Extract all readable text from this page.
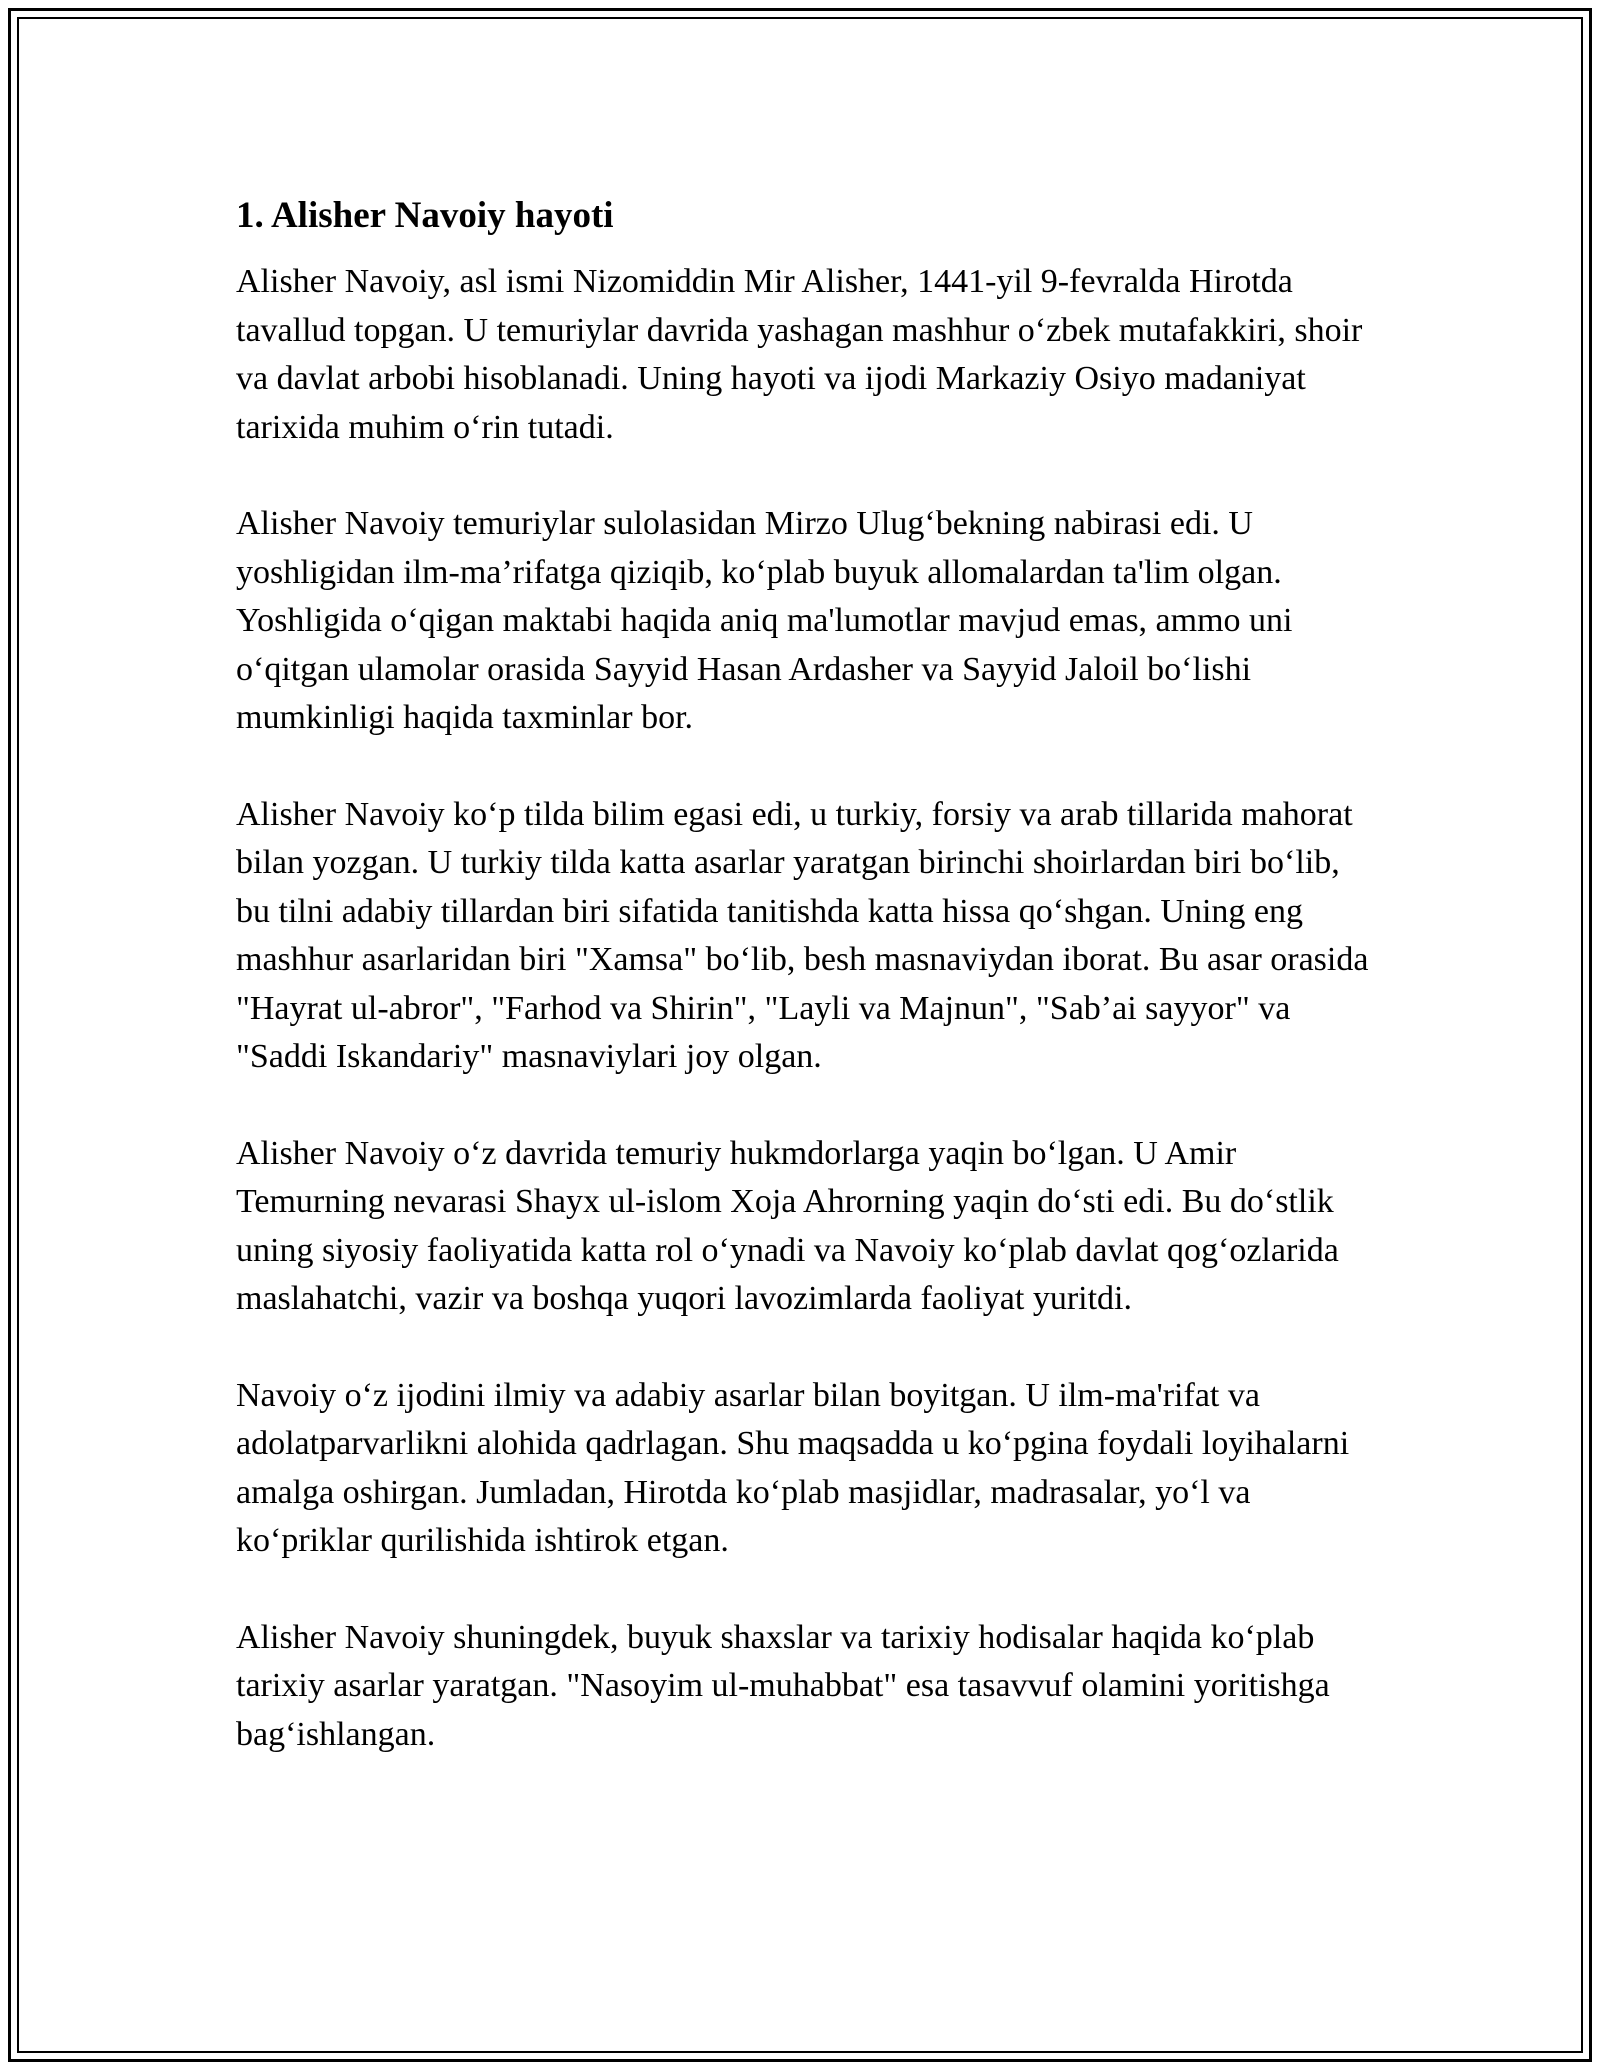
1. Alisher Navoiy hayoti

Alisher Navoiy, asl ismi Nizomiddin Mir Alisher, 1441-yil 9-fevralda Hirotda tavallud topgan. U temuriylar davrida yashagan mashhur o‘zbek mutafakkiri, shoir va davlat arbobi hisoblanadi. Uning hayoti va ijodi Markaziy Osiyo madaniyat tarixida muhim o‘rin tutadi.

Alisher Navoiy temuriylar sulolasidan Mirzo Ulug‘bekning nabirasi edi. U yoshligidan ilm-ma’rifatga qiziqib, ko‘plab buyuk allomalardan ta'lim olgan. Yoshligida o‘qigan maktabi haqida aniq ma'lumotlar mavjud emas, ammo uni o‘qitgan ulamolar orasida Sayyid Hasan Ardasher va Sayyid Jaloil bo‘lishi mumkinligi haqida taxminlar bor.

Alisher Navoiy ko‘p tilda bilim egasi edi, u turkiy, forsiy va arab tillarida mahorat bilan yozgan. U turkiy tilda katta asarlar yaratgan birinchi shoirlardan biri bo‘lib, bu tilni adabiy tillardan biri sifatida tanitishda katta hissa qo‘shgan. Uning eng mashhur asarlaridan biri "Xamsa" bo‘lib, besh masnaviydan iborat. Bu asar orasida "Hayrat ul-abror", "Farhod va Shirin", "Layli va Majnun", "Sab’ai sayyor" va "Saddi Iskandariy" masnaviylari joy olgan.

Alisher Navoiy o‘z davrida temuriy hukmdorlarga yaqin bo‘lgan. U Amir Temurning nevarasi Shayx ul-islom Xoja Ahrorning yaqin do‘sti edi. Bu do‘stlik uning siyosiy faoliyatida katta rol o‘ynadi va Navoiy ko‘plab davlat qog‘ozlarida maslahatchi, vazir va boshqa yuqori lavozimlarda faoliyat yuritdi.

Navoiy o‘z ijodini ilmiy va adabiy asarlar bilan boyitgan. U ilm-ma'rifat va adolatparvarlikni alohida qadrlagan. Shu maqsadda u ko‘pgina foydali loyihalarni amalga oshirgan. Jumladan, Hirotda ko‘plab masjidlar, madrasalar, yo‘l va ko‘priklar qurilishida ishtirok etgan.

Alisher Navoiy shuningdek, buyuk shaxslar va tarixiy hodisalar haqida ko‘plab tarixiy asarlar yaratgan. "Nasoyim ul-muhabbat" esa tasavvuf olamini yoritishga bag‘ishlangan.
